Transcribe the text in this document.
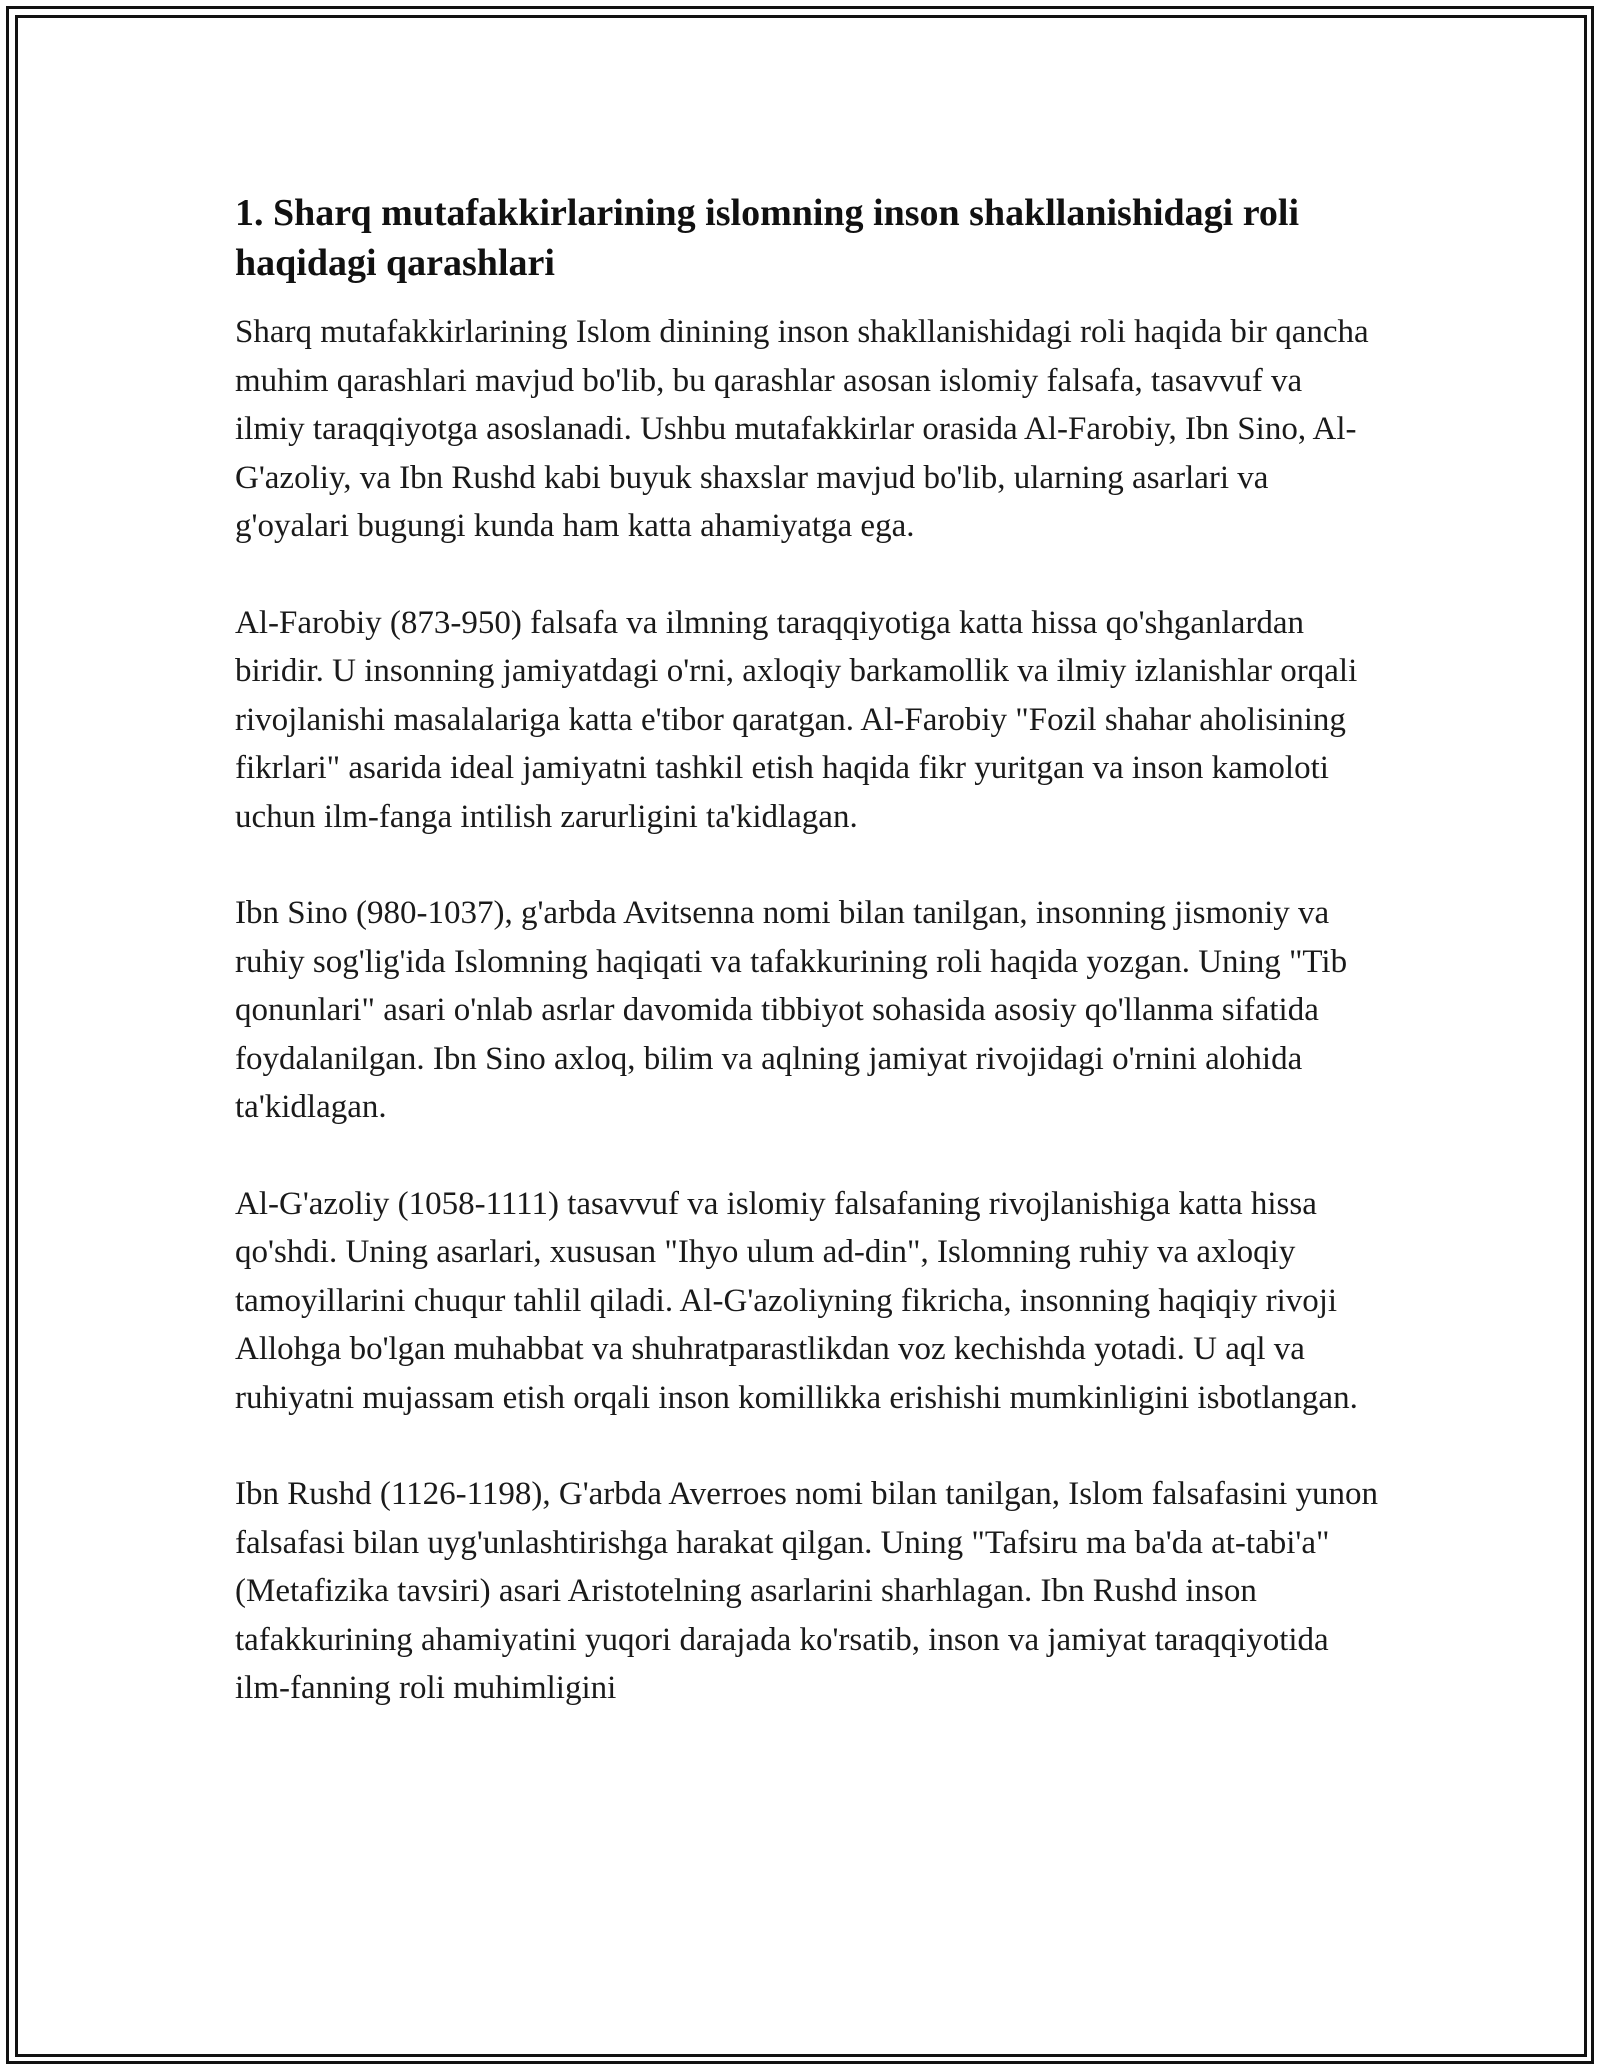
1. Sharq mutafakkirlarining islomning inson shakllanishidagi roli haqidagi qarashlari

Sharq mutafakkirlarining Islom dinining inson shakllanishidagi roli haqida bir qancha muhim qarashlari mavjud bo'lib, bu qarashlar asosan islomiy falsafa, tasavvuf va ilmiy taraqqiyotga asoslanadi. Ushbu mutafakkirlar orasida Al-Farobiy, Ibn Sino, Al-G'azoliy, va Ibn Rushd kabi buyuk shaxslar mavjud bo'lib, ularning asarlari va g'oyalari bugungi kunda ham katta ahamiyatga ega.

Al-Farobiy (873-950) falsafa va ilmning taraqqiyotiga katta hissa qo'shganlardan biridir. U insonning jamiyatdagi o'rni, axloqiy barkamollik va ilmiy izlanishlar orqali rivojlanishi masalalariga katta e'tibor qaratgan. Al-Farobiy "Fozil shahar aholisining fikrlari" asarida ideal jamiyatni tashkil etish haqida fikr yuritgan va inson kamoloti uchun ilm-fanga intilish zarurligini ta'kidlagan.

Ibn Sino (980-1037), g'arbda Avitsenna nomi bilan tanilgan, insonning jismoniy va ruhiy sog'lig'ida Islomning haqiqati va tafakkurining roli haqida yozgan. Uning "Tib qonunlari" asari o'nlab asrlar davomida tibbiyot sohasida asosiy qo'llanma sifatida foydalanilgan. Ibn Sino axloq, bilim va aqlning jamiyat rivojidagi o'rnini alohida ta'kidlagan.

Al-G'azoliy (1058-1111) tasavvuf va islomiy falsafaning rivojlanishiga katta hissa qo'shdi. Uning asarlari, xususan "Ihyo ulum ad-din", Islomning ruhiy va axloqiy tamoyillarini chuqur tahlil qiladi. Al-G'azoliyning fikricha, insonning haqiqiy rivoji Allohga bo'lgan muhabbat va shuhratparastlikdan voz kechishda yotadi. U aql va ruhiyatni mujassam etish orqali inson komillikka erishishi mumkinligini isbotlangan.

Ibn Rushd (1126-1198), G'arbda Averroes nomi bilan tanilgan, Islom falsafasini yunon falsafasi bilan uyg'unlashtirishga harakat qilgan. Uning "Tafsiru ma ba'da at-tabi'a" (Metafizika tavsiri) asari Aristotelning asarlarini sharhlagan. Ibn Rushd inson tafakkurining ahamiyatini yuqori darajada ko'rsatib, inson va jamiyat taraqqiyotida ilm-fanning roli muhimligini
